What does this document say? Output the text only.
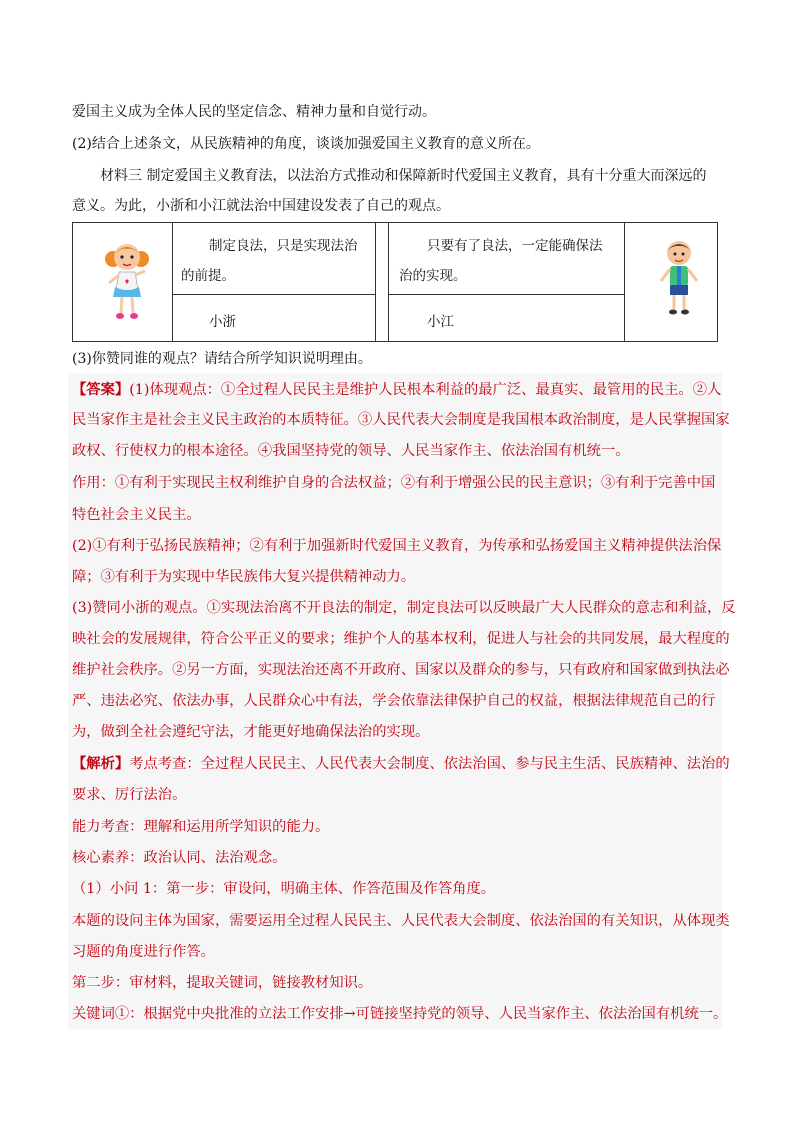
爱国主义成为全体人民的坚定信念、精神力量和自觉行动。
(2)结合上述条文，从民族精神的角度，谈谈加强爱国主义教育的意义所在。
材料三 制定爱国主义教育法，以法治方式推动和保障新时代爱国主义教育，具有十分重大而深远的
意义。为此，小浙和小江就法治中国建设发表了自己的观点。
制定良法，只是实现法治
的前提。
小浙
只要有了良法，一定能确保法
治的实现。
小江
(3)你赞同谁的观点？请结合所学知识说明理由。
【答案】(1)体现观点：①全过程人民民主是维护人民根本利益的最广泛、最真实、最管用的民主。②人
民当家作主是社会主义民主政治的本质特征。③人民代表大会制度是我国根本政治制度，是人民掌握国家
政权、行使权力的根本途径。④我国坚持党的领导、人民当家作主、依法治国有机统一。
作用：①有利于实现民主权利维护自身的合法权益；②有利于增强公民的民主意识；③有利于完善中国
特色社会主义民主。
(2)①有利于弘扬民族精神；②有利于加强新时代爱国主义教育，为传承和弘扬爱国主义精神提供法治保
障；③有利于为实现中华民族伟大复兴提供精神动力。
(3)赞同小浙的观点。①实现法治离不开良法的制定，制定良法可以反映最广大人民群众的意志和利益，反
映社会的发展规律，符合公平正义的要求；维护个人的基本权利，促进人与社会的共同发展，最大程度的
维护社会秩序。②另一方面，实现法治还离不开政府、国家以及群众的参与，只有政府和国家做到执法必
严、违法必究、依法办事，人民群众心中有法，学会依靠法律保护自己的权益，根据法律规范自己的行
为，做到全社会遵纪守法，才能更好地确保法治的实现。
【解析】考点考查：全过程人民民主、人民代表大会制度、依法治国、参与民主生活、民族精神、法治的
要求、厉行法治。
能力考查：理解和运用所学知识的能力。
核心素养：政治认同、法治观念。
（1）小问 1：第一步：审设问，明确主体、作答范围及作答角度。
本题的设问主体为国家，需要运用全过程人民民主、人民代表大会制度、依法治国的有关知识，从体现类
习题的角度进行作答。
第二步：审材料，提取关键词，链接教材知识。
关键词①：根据党中央批准的立法工作安排→可链接坚持党的领导、人民当家作主、依法治国有机统一。
